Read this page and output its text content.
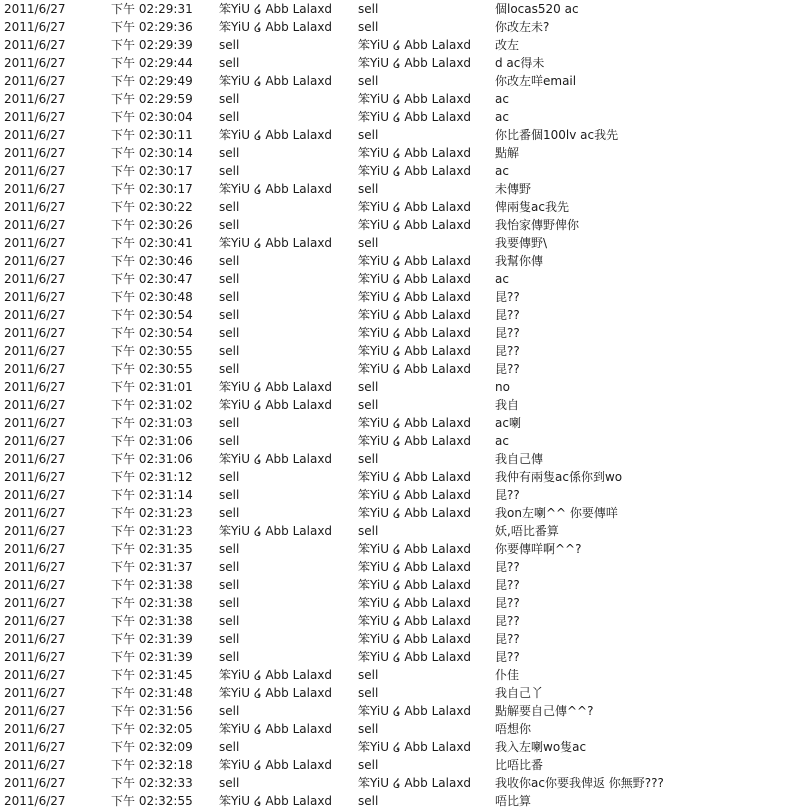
2011/6/27	下午 02:29:31	笨YiU ໒ Abb Lalaxd	sell	個locas520 ac
2011/6/27	下午 02:29:36	笨YiU ໒ Abb Lalaxd	sell	你改左未?
2011/6/27	下午 02:29:39	sell	笨YiU ໒ Abb Lalaxd	改左
2011/6/27	下午 02:29:44	sell	笨YiU ໒ Abb Lalaxd	d ac得未
2011/6/27	下午 02:29:49	笨YiU ໒ Abb Lalaxd	sell	你改左咩email
2011/6/27	下午 02:29:59	sell	笨YiU ໒ Abb Lalaxd	ac
2011/6/27	下午 02:30:04	sell	笨YiU ໒ Abb Lalaxd	ac
2011/6/27	下午 02:30:11	笨YiU ໒ Abb Lalaxd	sell	你比番個100lv ac我先
2011/6/27	下午 02:30:14	sell	笨YiU ໒ Abb Lalaxd	點解
2011/6/27	下午 02:30:17	sell	笨YiU ໒ Abb Lalaxd	ac
2011/6/27	下午 02:30:17	笨YiU ໒ Abb Lalaxd	sell	未傳野
2011/6/27	下午 02:30:22	sell	笨YiU ໒ Abb Lalaxd	俾兩隻ac我先
2011/6/27	下午 02:30:26	sell	笨YiU ໒ Abb Lalaxd	我怡家傳野俾你
2011/6/27	下午 02:30:41	笨YiU ໒ Abb Lalaxd	sell	我要傳野\
2011/6/27	下午 02:30:46	sell	笨YiU ໒ Abb Lalaxd	我幫你傳
2011/6/27	下午 02:30:47	sell	笨YiU ໒ Abb Lalaxd	ac
2011/6/27	下午 02:30:48	sell	笨YiU ໒ Abb Lalaxd	昆??
2011/6/27	下午 02:30:54	sell	笨YiU ໒ Abb Lalaxd	昆??
2011/6/27	下午 02:30:54	sell	笨YiU ໒ Abb Lalaxd	昆??
2011/6/27	下午 02:30:55	sell	笨YiU ໒ Abb Lalaxd	昆??
2011/6/27	下午 02:30:55	sell	笨YiU ໒ Abb Lalaxd	昆??
2011/6/27	下午 02:31:01	笨YiU ໒ Abb Lalaxd	sell	no
2011/6/27	下午 02:31:02	笨YiU ໒ Abb Lalaxd	sell	我自
2011/6/27	下午 02:31:03	sell	笨YiU ໒ Abb Lalaxd	ac喇
2011/6/27	下午 02:31:06	sell	笨YiU ໒ Abb Lalaxd	ac
2011/6/27	下午 02:31:06	笨YiU ໒ Abb Lalaxd	sell	我自己傳
2011/6/27	下午 02:31:12	sell	笨YiU ໒ Abb Lalaxd	我仲有兩隻ac係你到wo
2011/6/27	下午 02:31:14	sell	笨YiU ໒ Abb Lalaxd	昆??
2011/6/27	下午 02:31:23	sell	笨YiU ໒ Abb Lalaxd	我on左喇^^ 你要傳咩
2011/6/27	下午 02:31:23	笨YiU ໒ Abb Lalaxd	sell	妖,唔比番算
2011/6/27	下午 02:31:35	sell	笨YiU ໒ Abb Lalaxd	你要傳咩啊^^?
2011/6/27	下午 02:31:37	sell	笨YiU ໒ Abb Lalaxd	昆??
2011/6/27	下午 02:31:38	sell	笨YiU ໒ Abb Lalaxd	昆??
2011/6/27	下午 02:31:38	sell	笨YiU ໒ Abb Lalaxd	昆??
2011/6/27	下午 02:31:38	sell	笨YiU ໒ Abb Lalaxd	昆??
2011/6/27	下午 02:31:39	sell	笨YiU ໒ Abb Lalaxd	昆??
2011/6/27	下午 02:31:39	sell	笨YiU ໒ Abb Lalaxd	昆??
2011/6/27	下午 02:31:45	笨YiU ໒ Abb Lalaxd	sell	仆佳
2011/6/27	下午 02:31:48	笨YiU ໒ Abb Lalaxd	sell	我自己丫
2011/6/27	下午 02:31:56	sell	笨YiU ໒ Abb Lalaxd	點解要自己傳^^?
2011/6/27	下午 02:32:05	笨YiU ໒ Abb Lalaxd	sell	唔想你
2011/6/27	下午 02:32:09	sell	笨YiU ໒ Abb Lalaxd	我入左喇wo隻ac
2011/6/27	下午 02:32:18	笨YiU ໒ Abb Lalaxd	sell	比唔比番
2011/6/27	下午 02:32:33	sell	笨YiU ໒ Abb Lalaxd	我收你ac你要我俾返 你無野???
2011/6/27	下午 02:32:55	笨YiU ໒ Abb Lalaxd	sell	唔比算
